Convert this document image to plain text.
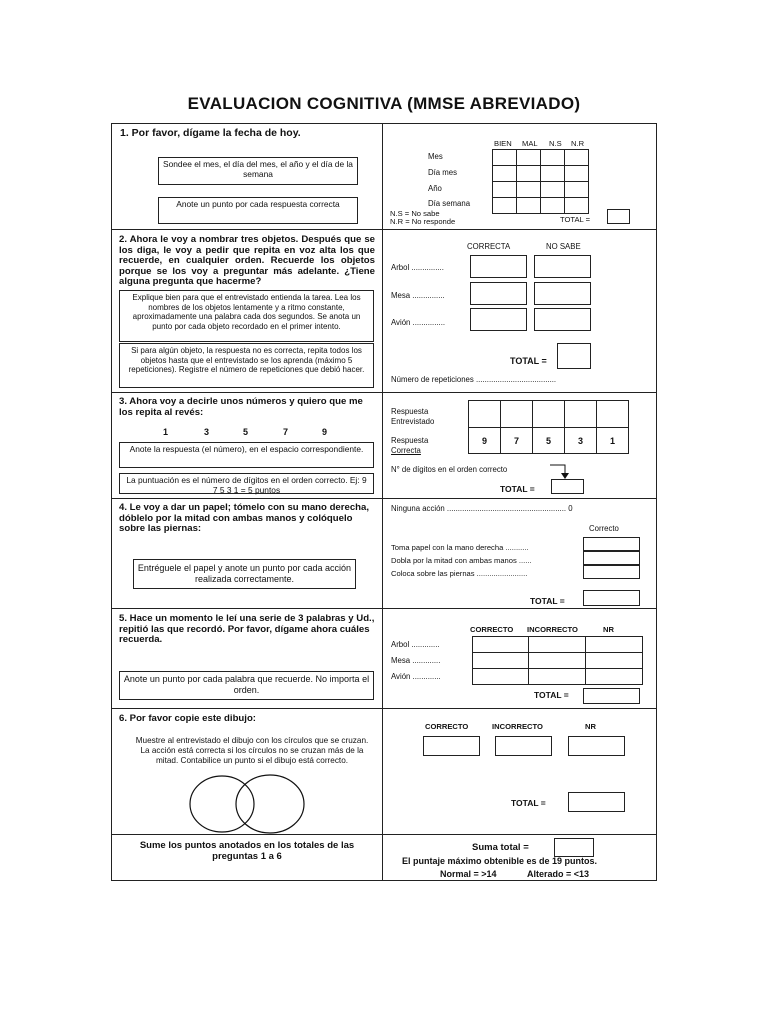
EVALUACION COGNITIVA (MMSE ABREVIADO)
1. Por favor, dígame la fecha de hoy.
Sondee el mes, el día del mes, el año y el día de la semana
Anote un punto por cada respuesta correcta
BIEN MAL N.S N.R

Mes
Día mes
Año
Día semana
N.S = No sabe
N.R = No responde	TOTAL =
2. Ahora le voy a nombrar tres objetos. Después que se los diga, le voy a pedir que repita en voz alta los que recuerde, en cualquier orden. Recuerde los objetos porque se los voy a preguntar más adelante. ¿Tiene alguna pregunta que hacerme?
Explique bien para que el entrevistado entienda la tarea. Lea los nombres de los objetos lentamente y a ritmo constante, aproximadamente una palabra cada dos segundos. Se anota un punto por cada objeto recordado en el primer intento.
Si para algún objeto, la respuesta no es correcta, repita todos los objetos hasta que el entrevistado se los aprenda (máximo 5 repeticiones). Registre el número de repeticiones que debió hacer.
CORRECTA	NO SABE
Arbol ...............
Mesa ...............
Avión ...............
TOTAL =
Número de repeticiones .....................................
3. Ahora voy a decirle unos números y quiero que me los repita al revés:
1	3	5	7	9
Anote la respuesta (el número), en el espacio correspondiente.
La puntuación es el número de dígitos en el orden correcto. Ej: 9 7 5 3 1 = 5 puntos
Respuesta Entrevistado
Respuesta
Correcta

9	7	5	3	1
N° de dígitos en el orden correcto
TOTAL =
4. Le voy a dar un papel; tómelo con su mano derecha, dóblelo por la mitad con ambas manos y colóquelo sobre las piernas:
Entréguele el papel y anote un punto por cada acción realizada correctamente.
Ninguna acción ....................................................... 0
Correcto
Toma papel con la mano derecha ...........
Dobla por la mitad con ambas manos ......
Coloca sobre las piernas ........................
TOTAL =
5. Hace un momento le leí una serie de 3 palabras y Ud., repitió las que recordó. Por favor, dígame ahora cuáles recuerda.
Anote un punto por cada palabra que recuerde. No importa el orden.
CORRECTO INCORRECTO	NR

Arbol .............
Mesa .............
Avión .............
TOTAL =
6. Por favor copie este dibujo:
Muestre al entrevistado el dibujo con los círculos que se cruzan. La acción está correcta si los círculos no se cruzan más de la mitad. Contabilice un punto si el dibujo está correcto.
CORRECTO	INCORRECTO	NR
TOTAL =
Sume los puntos anotados en los totales de las preguntas 1 a 6
Suma total =
El puntaje máximo obtenible es de 19 puntos.
Normal = >14	Alterado = <13
